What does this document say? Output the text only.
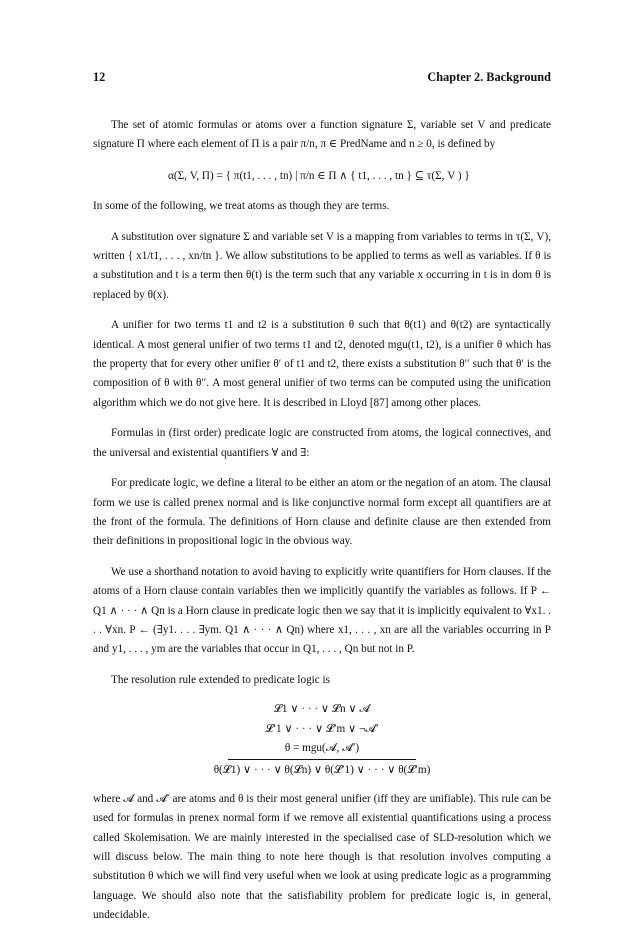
12	Chapter 2. Background

The set of atomic formulas or atoms over a function signature Σ, variable set V and predicate signature Π where each element of Π is a pair π/n, π ∈ PredName and n ≥ 0, is defined by

α(Σ, V, Π) = { π(t1, . . . , tn) | π/n ∈ Π ∧ { t1, . . . , tn } ⊆ τ(Σ, V ) }

In some of the following, we treat atoms as though they are terms.

A substitution over signature Σ and variable set V is a mapping from variables to terms in τ(Σ, V), written { x1/t1, . . . , xn/tn }. We allow substitutions to be applied to terms as well as variables. If θ is a substitution and t is a term then θ(t) is the term such that any variable x occurring in t is in dom θ is replaced by θ(x).

A unifier for two terms t1 and t2 is a substitution θ such that θ(t1) and θ(t2) are syntactically identical. A most general unifier of two terms t1 and t2, denoted mgu(t1, t2), is a unifier θ which has the property that for every other unifier θ′ of t1 and t2, there exists a substitution θ′′ such that θ′ is the composition of θ with θ′′. A most general unifier of two terms can be computed using the unification algorithm which we do not give here. It is described in Lloyd [87] among other places.

Formulas in (first order) predicate logic are constructed from atoms, the logical connectives, and the universal and existential quantifiers ∀ and ∃:

For predicate logic, we define a literal to be either an atom or the negation of an atom. The clausal form we use is called prenex normal and is like conjunctive normal form except all quantifiers are at the front of the formula. The definitions of Horn clause and definite clause are then extended from their definitions in propositional logic in the obvious way.

We use a shorthand notation to avoid having to explicitly write quantifiers for Horn clauses. If the atoms of a Horn clause contain variables then we implicitly quantify the variables as follows. If P ← Q1 ∧ · · · ∧ Qn is a Horn clause in predicate logic then we say that it is implicitly equivalent to ∀x1. . . . ∀xn. P ← (∃y1. . . . ∃ym. Q1 ∧ · · · ∧ Qn) where x1, . . . , xn are all the variables occurring in P and y1, . . . , ym are the variables that occur in Q1, . . . , Qn but not in P.

The resolution rule extended to predicate logic is

𝓛1 ∨ · · · ∨ 𝓛n ∨ 𝓐
𝓛′1 ∨ · · · ∨ 𝓛′m ∨ ¬𝓐′
θ = mgu(𝓐, 𝓐′)
θ(𝓛1) ∨ · · · ∨ θ(𝓛n) ∨ θ(𝓛′1) ∨ · · · ∨ θ(𝓛′m)

where 𝓐 and 𝓐′ are atoms and θ is their most general unifier (iff they are unifiable). This rule can be used for formulas in prenex normal form if we remove all existential quantifications using a process called Skolemisation. We are mainly interested in the specialised case of SLD-resolution which we will discuss below. The main thing to note here though is that resolution involves computing a substitution θ which we will find very useful when we look at using predicate logic as a programming language. We should also note that the satisfiability problem for predicate logic is, in general, undecidable.
